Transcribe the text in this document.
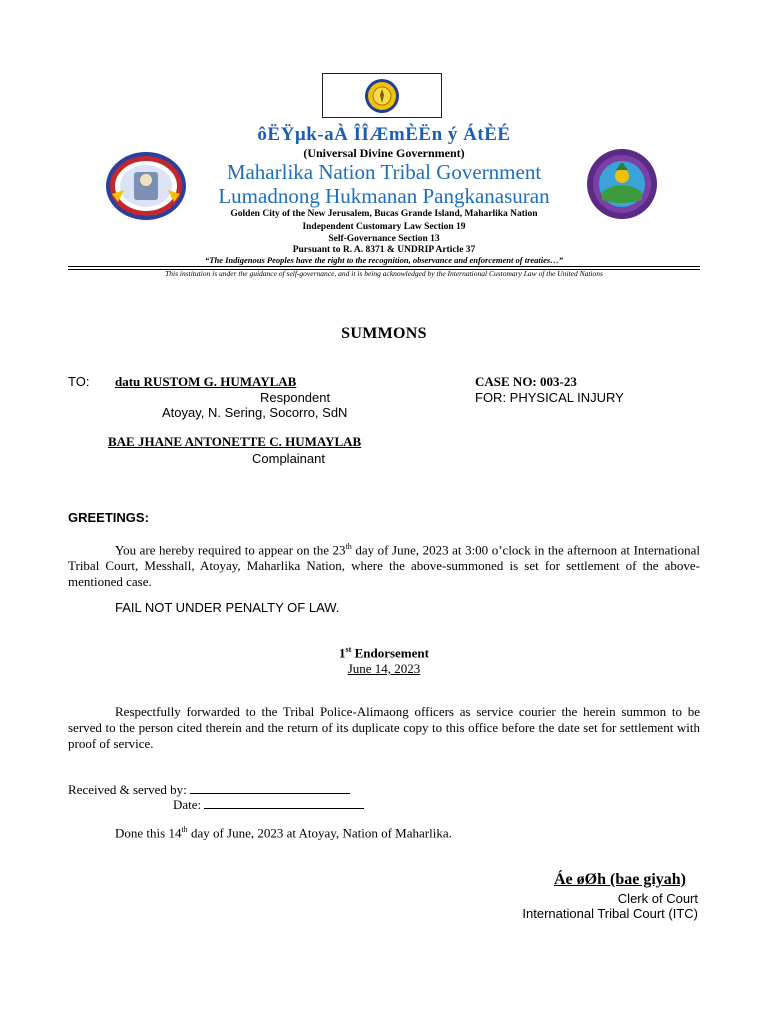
ôËŸµk-aÀ ÎÎÆmÈËn ý ÁtÈÉ
(Universal Divine Government)
Maharlika Nation Tribal Government
Lumadnong Hukmanan Pangkanasuran
Golden City of the New Jerusalem, Bucas Grande Island, Maharlika Nation
Independent Customary Law Section 19
Self-Governance Section 13
Pursuant to R. A. 8371 & UNDRIP Article 37
“The Indigenous Peoples have the right to the recognition, observance and enforcement of treaties…”
This institution is under the guidance of self-governance, and it is being acknowledged by the International Customary Law of the United Nations
SUMMONS
TO: datu RUSTOM G. HUMAYLAB
Respondent
Atoyay, N. Sering, Socorro, SdN
CASE NO: 003-23
FOR: PHYSICAL INJURY
BAE JHANE ANTONETTE C. HUMAYLAB
Complainant
GREETINGS:
You are hereby required to appear on the 23th day of June, 2023 at 3:00 o’clock in the afternoon at International Tribal Court, Messhall, Atoyay, Maharlika Nation, where the above-summoned is set for settlement of the above- mentioned case.
FAIL NOT UNDER PENALTY OF LAW.
1st Endorsement
June 14, 2023
Respectfully forwarded to the Tribal Police-Alimaong officers as service courier the herein summon to be served to the person cited therein and the return of its duplicate copy to this office before the date set for settlement with proof of service.
Received & served by:
Date:
Done this 14th day of June, 2023 at Atoyay, Nation of Maharlika.
Áe øØh (bae giyah)
Clerk of Court
International Tribal Court (ITC)
